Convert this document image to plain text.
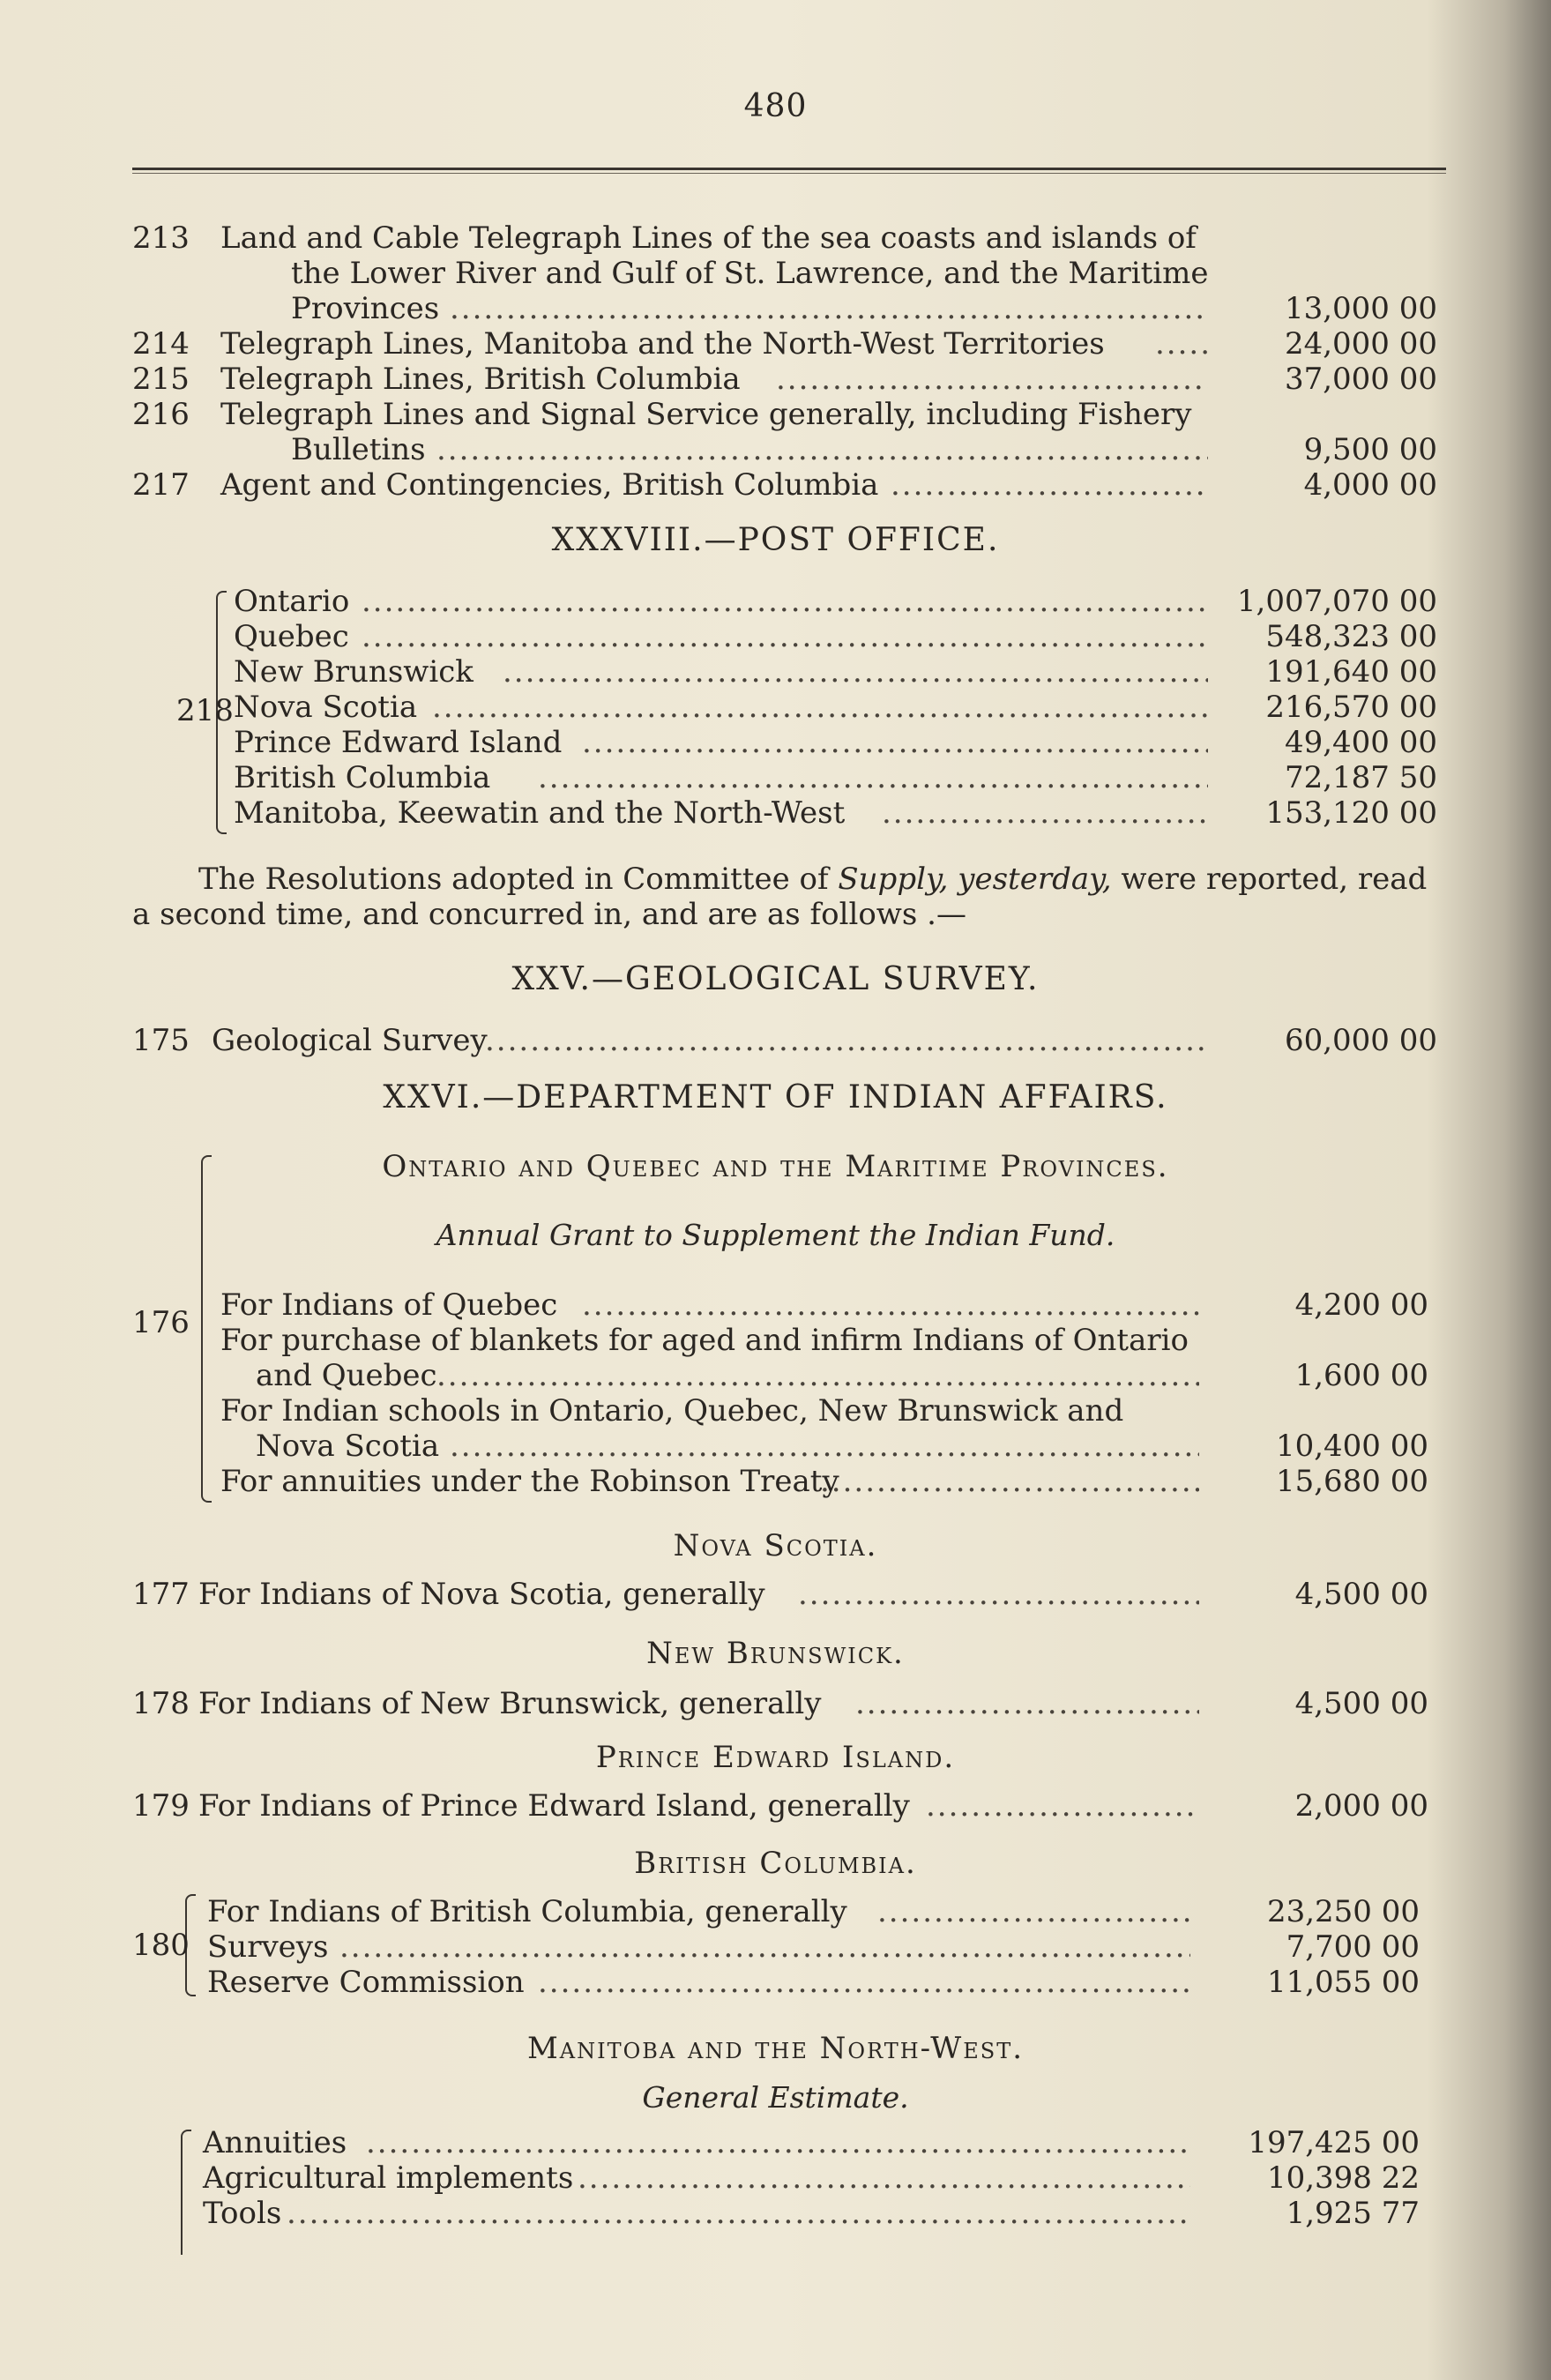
480
213 Land and Cable Telegraph Lines of the sea coasts and islands of
the Lower River and Gulf of St. Lawrence, and the Maritime
Provinces .....	13,000 00
214 Telegraph Lines, Manitoba and the North-West Territories .....	24,000 00
215 Telegraph Lines, British Columbia .....	37,000 00
216 Telegraph Lines and Signal Service generally, including Fishery
Bulletins .....	9,500 00
217 Agent and Contingencies, British Columbia .....	4,000 00
XXXVIII.—POST OFFICE.
218
Ontario .....	1,007,070 00
Quebec .....	548,323 00
New Brunswick .....	191,640 00
Nova Scotia .....	216,570 00
Prince Edward Island .....	49,400 00
British Columbia .....	72,187 50
Manitoba, Keewatin and the North-West .....	153,120 00
The Resolutions adopted in Committee of Supply, yesterday, were reported, read
a second time, and concurred in, and are as follows .—
XXV.—GEOLOGICAL SURVEY.
175 Geological Survey .....	60,000 00
XXVI.—DEPARTMENT OF INDIAN AFFAIRS.
Ontario and Quebec and the Maritime Provinces.
Annual Grant to Supplement the Indian Fund.
176 For Indians of Quebec .....	4,200 00
For purchase of blankets for aged and infirm Indians of Ontario
and Quebec .....	1,600 00
For Indian schools in Ontario, Quebec, New Brunswick and
Nova Scotia .....	10,400 00
For annuities under the Robinson Treaty .....	15,680 00
Nova Scotia.
177 For Indians of Nova Scotia, generally .....	4,500 00
New Brunswick.
178 For Indians of New Brunswick, generally .....	4,500 00
Prince Edward Island.
179 For Indians of Prince Edward Island, generally .....	2,000 00
British Columbia.
180
For Indians of British Columbia, generally .....	23,250 00
Surveys .....	7,700 00
Reserve Commission .....	11,055 00
Manitoba and the North-West.
General Estimate.
Annuities .....	197,425 00
Agricultural implements .....	10,398 22
Tools .....	1,925 77
